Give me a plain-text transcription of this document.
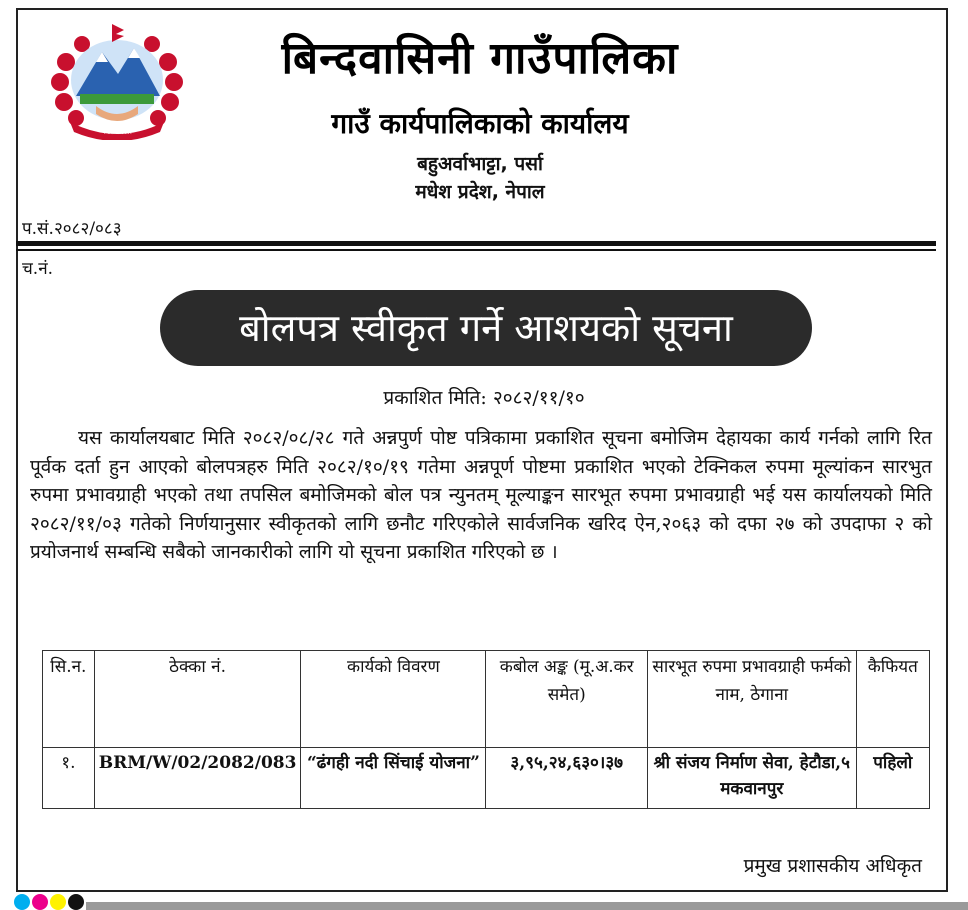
नेपाल सरकार
बिन्दवासिनी गाउँपालिका
गाउँ कार्यपालिकाको कार्यालय
बहुअर्वाभाट्टा, पर्सा
मधेश प्रदेश, नेपाल
प.सं.२०८२/०८३
च.नं.
बोलपत्र स्वीकृत गर्ने आशयको सूचना
प्रकाशित मिति: २०८२/११/१०
यस कार्यालयबाट मिति २०८२/०८/२८ गते अन्नपुर्ण पोष्ट पत्रिकामा प्रकाशित सूचना बमोजिम देहायका कार्य गर्नको लागि रित पूर्वक दर्ता हुन आएको बोलपत्रहरु मिति २०८२/१०/१९ गतेमा अन्नपूर्ण पोष्टमा प्रकाशित भएको टेक्निकल रुपमा मूल्यांकन सारभुत रुपमा प्रभावग्राही भएको तथा तपसिल बमोजिमको बोल पत्र न्युनतम् मूल्याङ्कन सारभूत रुपमा प्रभावग्राही भई यस कार्यालयको मिति २०८२/११/०३ गतेको निर्णयानुसार स्वीकृतको लागि छनौट गरिएकोले सार्वजनिक खरिद ऐन,२०६३ को दफा २७ को उपदाफा २ को प्रयोजनार्थ सम्बन्धि सबैको जानकारीको लागि यो सूचना प्रकाशित गरिएको छ ।
सि.न.	ठेक्का नं.	कार्यको विवरण	कबोल अङ्क (मू.अ.कर समेत)	सारभूत रुपमा प्रभावग्राही फर्मको नाम, ठेगाना	कैफियत
१.	BRM/W/02/2082/083	“ढंगही नदी सिंचाई योजना”	३,९५,२४,६३०।३७	श्री संजय निर्माण सेवा, हेटौडा,५ मकवानपुर	पहिलो
प्रमुख प्रशासकीय अधिकृत
